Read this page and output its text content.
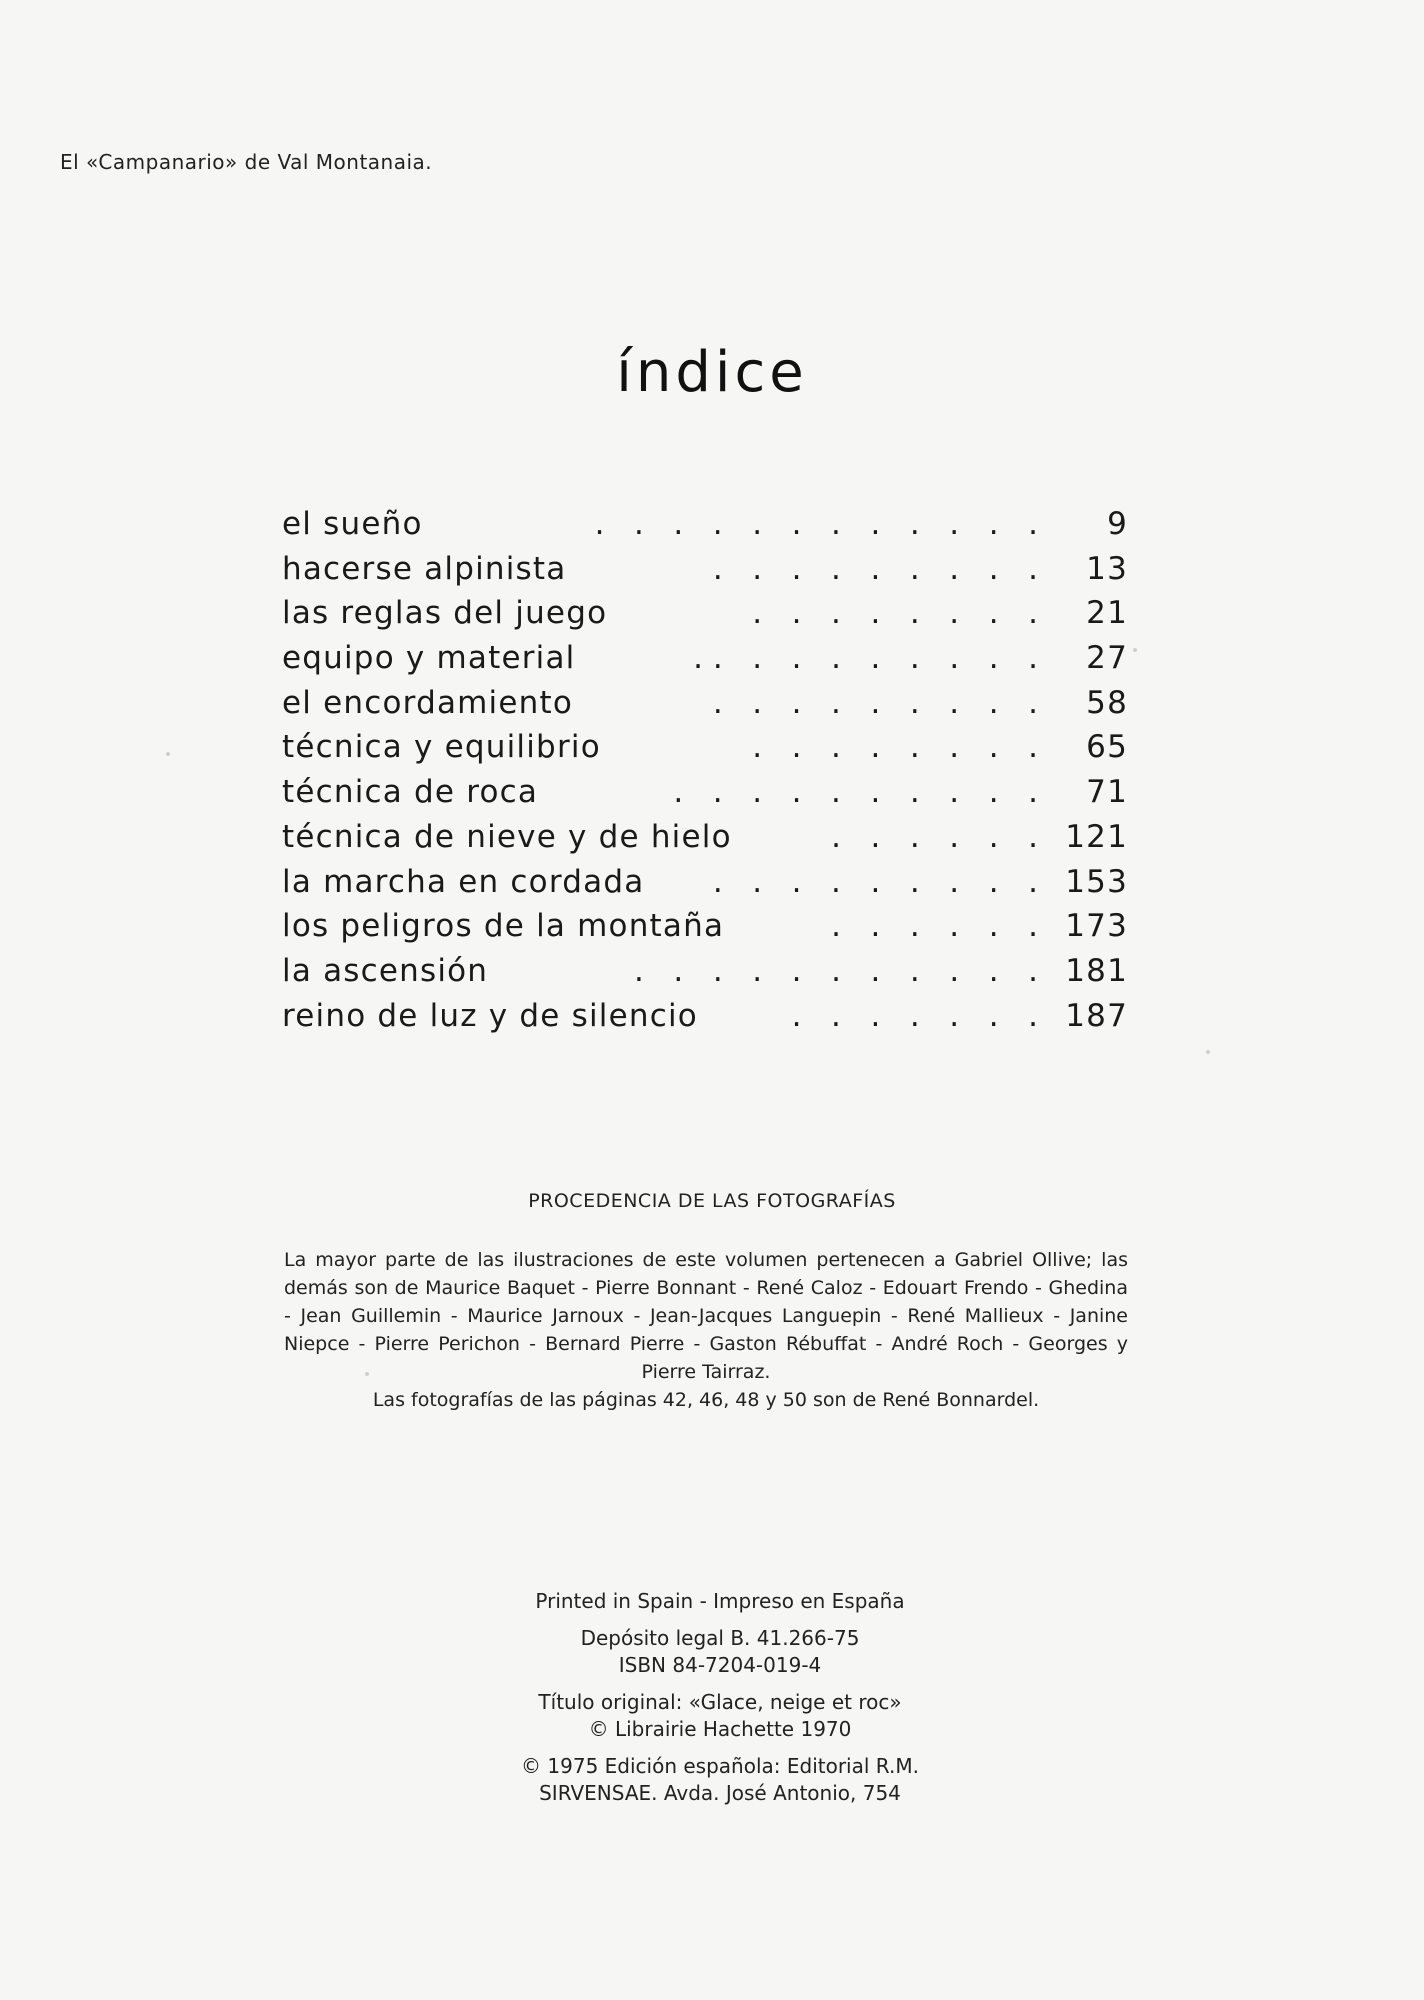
El «Campanario» de Val Montanaia.
índice
el sueño	.   .   .   .   .   .   .   .   .   .   .   . 9
hacerse alpinista	.   .   .   .   .   .   .   .   . 13
las reglas del juego	.   .   .   .   .   .   .   . 21
equipo y material	. .   .   .   .   .   .   .   .   . 27
el encordamiento	.   .   .   .   .   .   .   .   . 58
técnica y equilibrio	.   .   .   .   .   .   .   . 65
técnica de roca	.   .   .   .   .   .   .   .   .   . 71
técnica de nieve y de hielo	.   .   .   .   .   . 121
la marcha en cordada .   .   .   .   .   .   .   .   . 153
los peligros de la montaña	.   .   .   .   .   . 173
la ascensión	.   .   .   .   .   .   .   .   .   .   . 181
reino de luz y de silencio	.   .   .   .   .   .   . 187
PROCEDENCIA DE LAS FOTOGRAFÍAS

La mayor parte de las ilustraciones de este volumen pertenecen a Gabriel Ollive; las demás son de Maurice Baquet - Pierre Bonnant - René Caloz - Edouart Frendo - Ghedina - Jean Guillemin - Maurice Jarnoux - Jean-Jacques Languepin - René Mallieux - Janine Niepce - Pierre Perichon - Bernard Pierre - Gaston Rébuffat - André Roch - Georges y Pierre Tairraz.

Las fotografías de las páginas 42, 46, 48 y 50 son de René Bonnardel.

Printed in Spain - Impreso en España

Depósito legal B. 41.266-75

ISBN 84-7204-019-4

Título original: «Glace, neige et roc»

© Librairie Hachette 1970

© 1975 Edición española: Editorial R.M.

SIRVENSAE. Avda. José Antonio, 754
